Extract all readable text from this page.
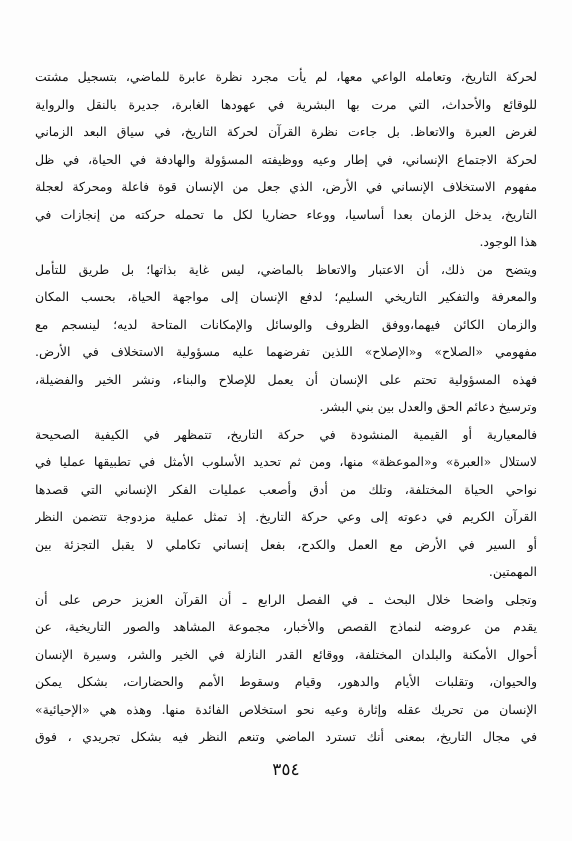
لحركة التاريخ، وتعامله الواعي معها، لم يأت مجرد نظرة عابرة للماضي، بتسجيل مشتت
للوقائع والأحداث، التي مرت بها البشرية في عهودها الغابرة، جديرة بالنقل والرواية
لغرض العبرة والاتعاظ. بل جاءت نظرة القرآن لحركة التاريخ، في سياق البعد الزماني
لحركة الاجتماع الإنساني، في إطار وعيه ووظيفته المسؤولة والهادفة في الحياة، في ظل
مفهوم الاستخلاف الإنساني في الأرض، الذي جعل من الإنسان قوة فاعلة ومحركة لعجلة
التاريخ، يدخل الزمان بعدا أساسيا، ووعاء حضاريا لكل ما تحمله حركته من إنجازات في
هذا الوجود.

ويتضح من ذلك، أن الاعتبار والاتعاظ بالماضي، ليس غاية بذاتها؛ بل طريق للتأمل
والمعرفة والتفكير التاريخي السليم؛ لدفع الإنسان إلى مواجهة الحياة، بحسب المكان
والزمان الكائن فيهما،ووفق الظروف والوسائل والإمكانات المتاحة لديه؛ لينسجم مع
مفهومي «الصلاح» و«الإصلاح» اللذين تفرضهما عليه مسؤولية الاستخلاف في الأرض.
فهذه المسؤولية تحتم على الإنسان أن يعمل للإصلاح والبناء، ونشر الخير والفضيلة،
وترسيخ دعائم الحق والعدل بين بني البشر.

فالمعيارية أو القيمية المنشودة في حركة التاريخ، تتمظهر في الكيفية الصحيحة
لاستلال «العبرة» و«الموعظة» منها، ومن ثم تحديد الأسلوب الأمثل في تطبيقها عمليا في
نواحي الحياة المختلفة، وتلك من أدق وأصعب عمليات الفكر الإنساني التي قصدها
القرآن الكريم في دعوته إلى وعي حركة التاريخ. إذ تمثل عملية مزدوجة تتضمن النظر
أو السير في الأرض مع العمل والكدح، بفعل إنساني تكاملي لا يقبل التجزئة بين
المهمتين.

وتجلى واضحا خلال البحث ـ في الفصل الرابع ـ أن القرآن العزيز حرص على أن
يقدم من عروضه لنماذج القصص والأخبار، مجموعة المشاهد والصور التاريخية، عن
أحوال الأمكنة والبلدان المختلفة، ووقائع القدر النازلة في الخير والشر، وسيرة الإنسان
والحيوان، وتقلبات الأيام والدهور، وقيام وسقوط الأمم والحضارات، بشكل يمكن
الإنسان من تحريك عقله وإثارة وعيه نحو استخلاص الفائدة منها. وهذه هي «الإحيائية»
في مجال التاريخ، بمعنى أنك تسترد الماضي وتنعم النظر فيه بشكل تجريدي ، فوق

٣٥٤
